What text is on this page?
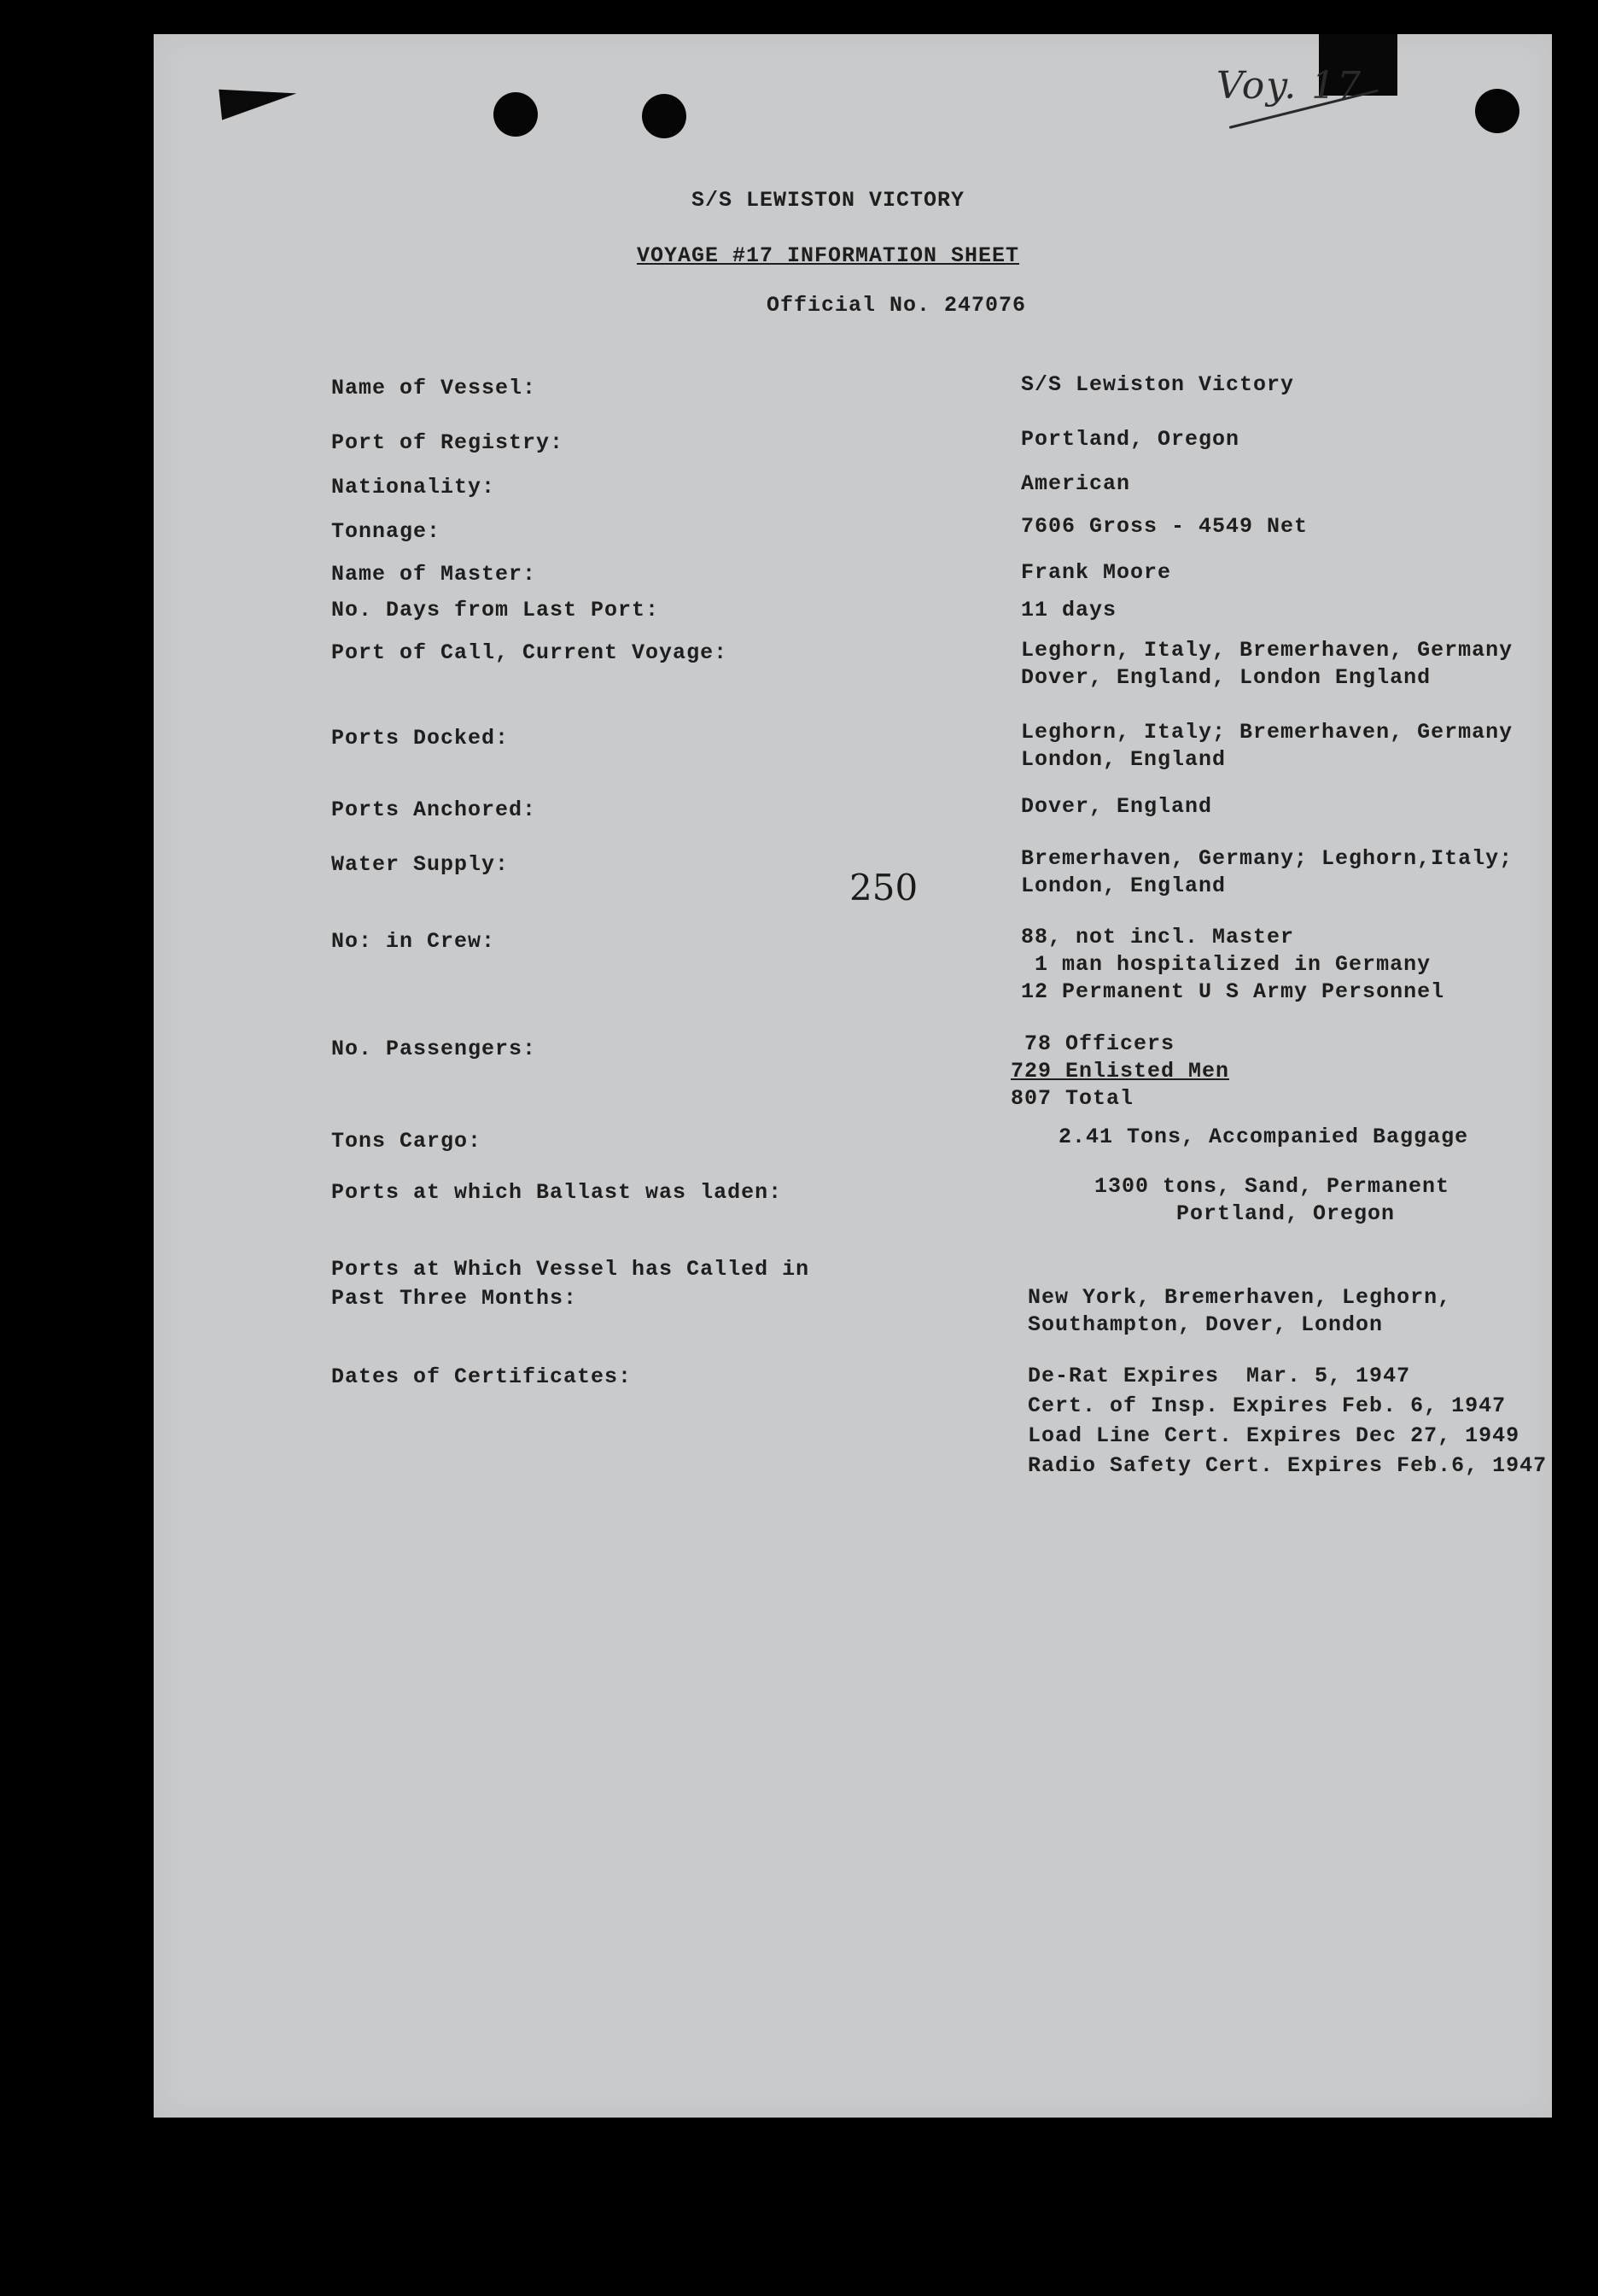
Voy. 17
S/S LEWISTON VICTORY
VOYAGE #17 INFORMATION SHEET
Official No. 247076
250
Name of Vessel:	S/S Lewiston Victory
Port of Registry:	Portland, Oregon
Nationality:	American
Tonnage:	7606 Gross - 4549 Net
Name of Master:	Frank Moore
No. Days from Last Port:	11 days
Port of Call, Current Voyage:	Leghorn, Italy, Bremerhaven, Germany
Dover, England, London England
Ports Docked:	Leghorn, Italy; Bremerhaven, Germany
London, England
Ports Anchored:	Dover, England
Water Supply:	Bremerhaven, Germany; Leghorn,Italy;
London, England
No: in Crew:	88, not incl. Master
1 man hospitalized in Germany
12 Permanent U S Army Personnel
No. Passengers:	78 Officers
729 Enlisted Men
807 Total
Tons Cargo:	2.41 Tons, Accompanied Baggage
Ports at which Ballast was laden:	1300 tons, Sand, Permanent
Portland, Oregon
Ports at Which Vessel has Called in
Past Three Months:	New York, Bremerhaven, Leghorn,
Southampton, Dover, London
Dates of Certificates:	De-Rat Expires  Mar. 5, 1947
Cert. of Insp. Expires Feb. 6, 1947
Load Line Cert. Expires Dec 27, 1949
Radio Safety Cert. Expires Feb.6, 1947
